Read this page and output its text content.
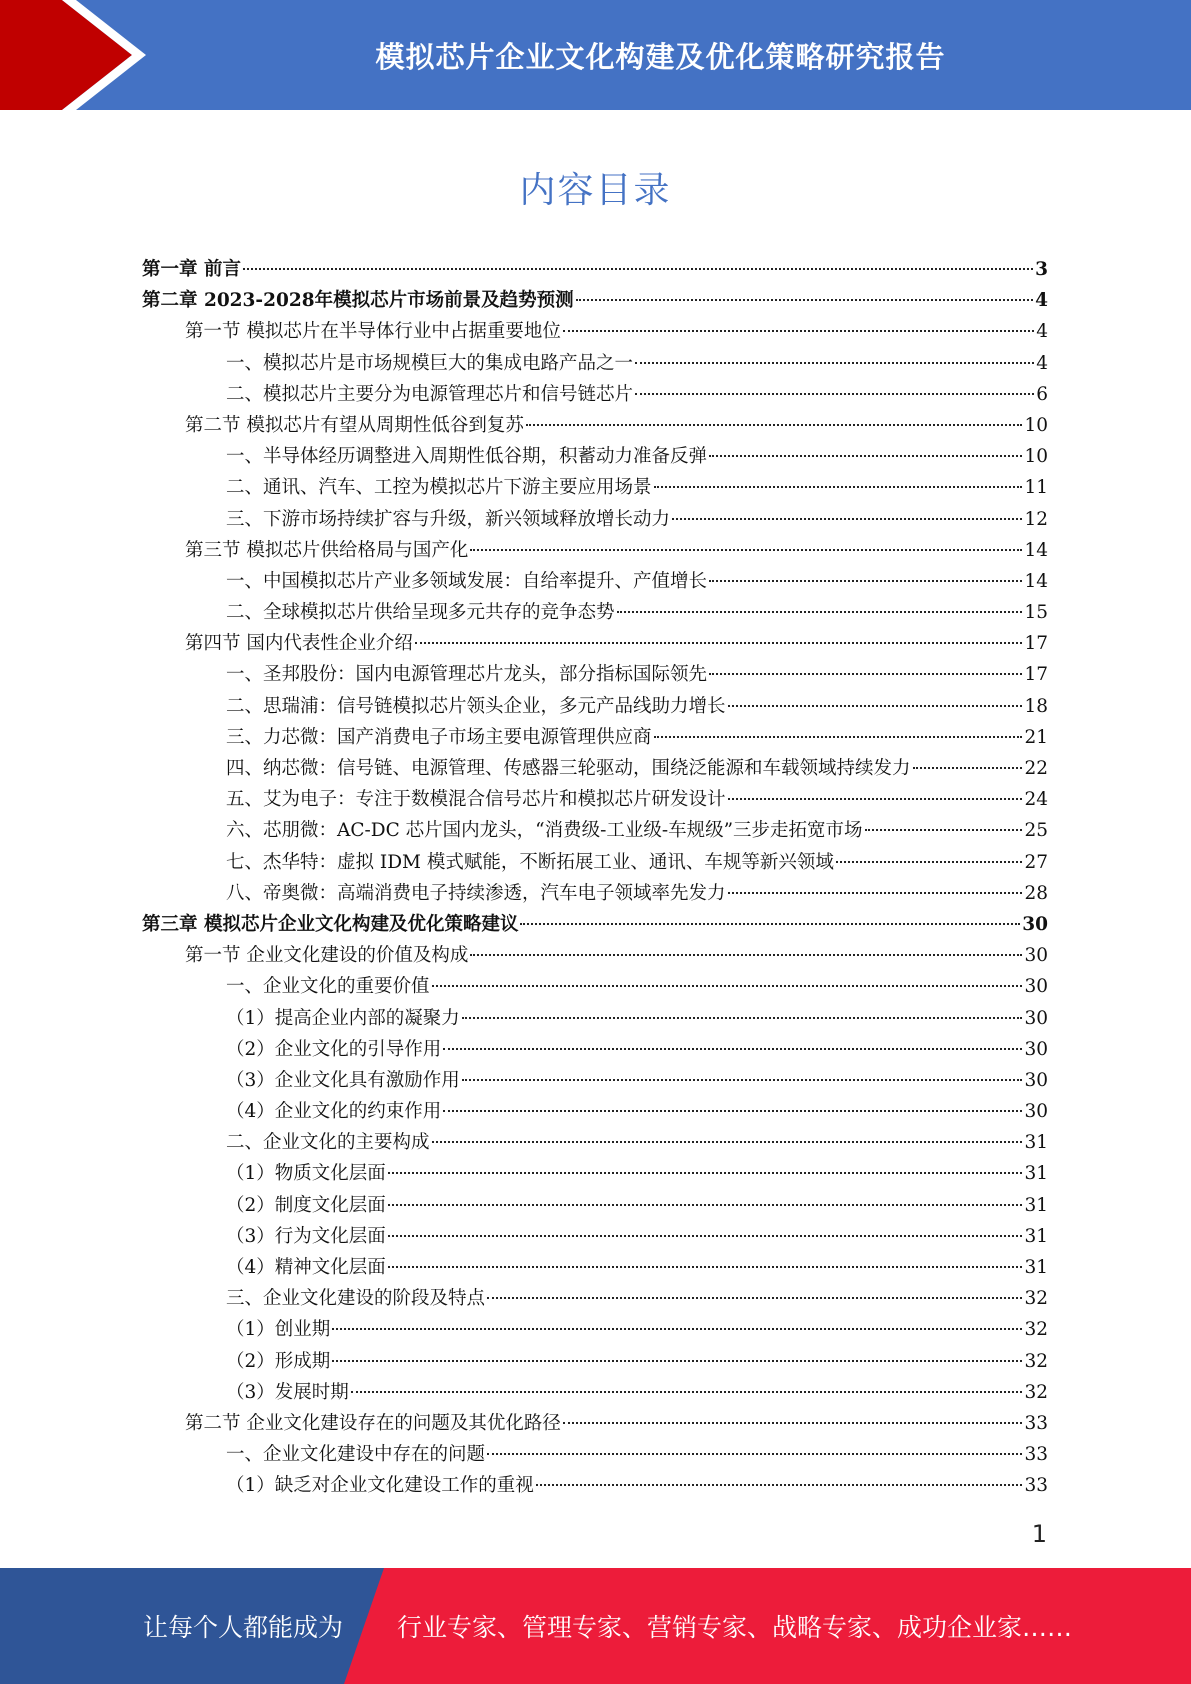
模拟芯片企业文化构建及优化策略研究报告
内容目录
第一章 前言	3
第二章 2023-2028年模拟芯片市场前景及趋势预测	4
第一节 模拟芯片在半导体行业中占据重要地位	4
一、模拟芯片是市场规模巨大的集成电路产品之一	4
二、模拟芯片主要分为电源管理芯片和信号链芯片	6
第二节 模拟芯片有望从周期性低谷到复苏	10
一、半导体经历调整进入周期性低谷期，积蓄动力准备反弹	10
二、通讯、汽车、工控为模拟芯片下游主要应用场景	11
三、下游市场持续扩容与升级，新兴领域释放增长动力	12
第三节 模拟芯片供给格局与国产化	14
一、中国模拟芯片产业多领域发展：自给率提升、产值增长	14
二、全球模拟芯片供给呈现多元共存的竞争态势	15
第四节 国内代表性企业介绍	17
一、圣邦股份：国内电源管理芯片龙头，部分指标国际领先	17
二、思瑞浦：信号链模拟芯片领头企业，多元产品线助力增长	18
三、力芯微：国产消费电子市场主要电源管理供应商	21
四、纳芯微：信号链、电源管理、传感器三轮驱动，围绕泛能源和车载领域持续发力	22
五、艾为电子：专注于数模混合信号芯片和模拟芯片研发设计	24
六、芯朋微：AC-DC 芯片国内龙头，“消费级-工业级-车规级”三步走拓宽市场	25
七、杰华特：虚拟 IDM 模式赋能，不断拓展工业、通讯、车规等新兴领域	27
八、帝奥微：高端消费电子持续渗透，汽车电子领域率先发力	28
第三章 模拟芯片企业文化构建及优化策略建议	30
第一节 企业文化建设的价值及构成	30
一、企业文化的重要价值	30
（1）提高企业内部的凝聚力	30
（2）企业文化的引导作用	30
（3）企业文化具有激励作用	30
（4）企业文化的约束作用	30
二、企业文化的主要构成	31
（1）物质文化层面	31
（2）制度文化层面	31
（3）行为文化层面	31
（4）精神文化层面	31
三、企业文化建设的阶段及特点	32
（1）创业期	32
（2）形成期	32
（3）发展时期	32
第二节 企业文化建设存在的问题及其优化路径	33
一、企业文化建设中存在的问题	33
（1）缺乏对企业文化建设工作的重视	33
1
让每个人都能成为 行业专家、管理专家、营销专家、战略专家、成功企业家……
